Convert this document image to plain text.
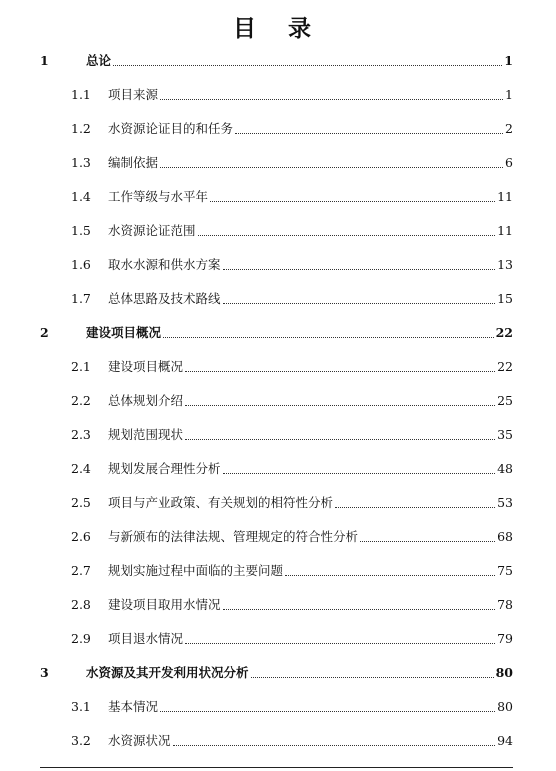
目 录
1	总论	1
1.1 项目来源	1
1.2 水资源论证目的和任务	2
1.3 编制依据	6
1.4 工作等级与水平年	11
1.5 水资源论证范围	11
1.6 取水水源和供水方案	13
1.7 总体思路及技术路线	15
2	建设项目概况	22
2.1 建设项目概况	22
2.2 总体规划介绍	25
2.3 规划范围现状	35
2.4 规划发展合理性分析	48
2.5 项目与产业政策、有关规划的相符性分析	53
2.6 与新颁布的法律法规、管理规定的符合性分析	68
2.7 规划实施过程中面临的主要问题	75
2.8 建设项目取用水情况	78
2.9 项目退水情况	79
3	水资源及其开发利用状况分析	80
3.1 基本情况	80
3.2 水资源状况	94
